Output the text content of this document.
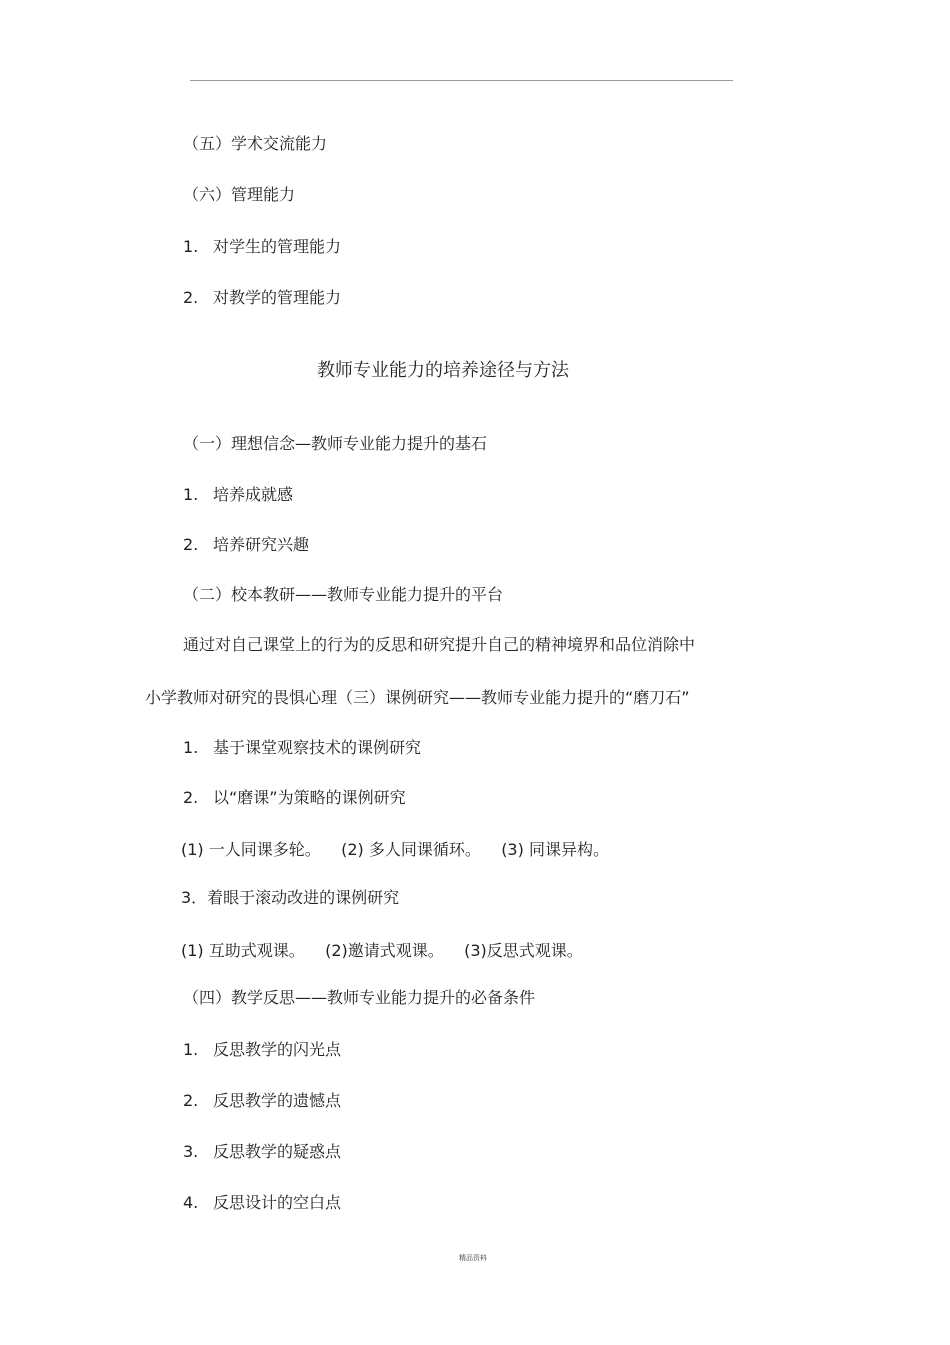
（五）学术交流能力
（六）管理能力
1. 对学生的管理能力
2. 对教学的管理能力
教师专业能力的培养途径与方法
（一）理想信念—教师专业能力提升的基石
1. 培养成就感
2. 培养研究兴趣
（二）校本教研——教师专业能力提升的平台
通过对自己课堂上的行为的反思和研究提升自己的精神境界和品位消除中
小学教师对研究的畏惧心理（三）课例研究——教师专业能力提升的“磨刀石”
1. 基于课堂观察技术的课例研究
2. 以“磨课”为策略的课例研究
(1) 一人同课多轮。    (2) 多人同课循环。    (3) 同课异构。
3．着眼于滚动改进的课例研究
(1) 互助式观课。    (2)邀请式观课。    (3)反思式观课。
（四）教学反思——教师专业能力提升的必备条件
1. 反思教学的闪光点
2. 反思教学的遗憾点
3. 反思教学的疑惑点
4. 反思设计的空白点
精品资料
